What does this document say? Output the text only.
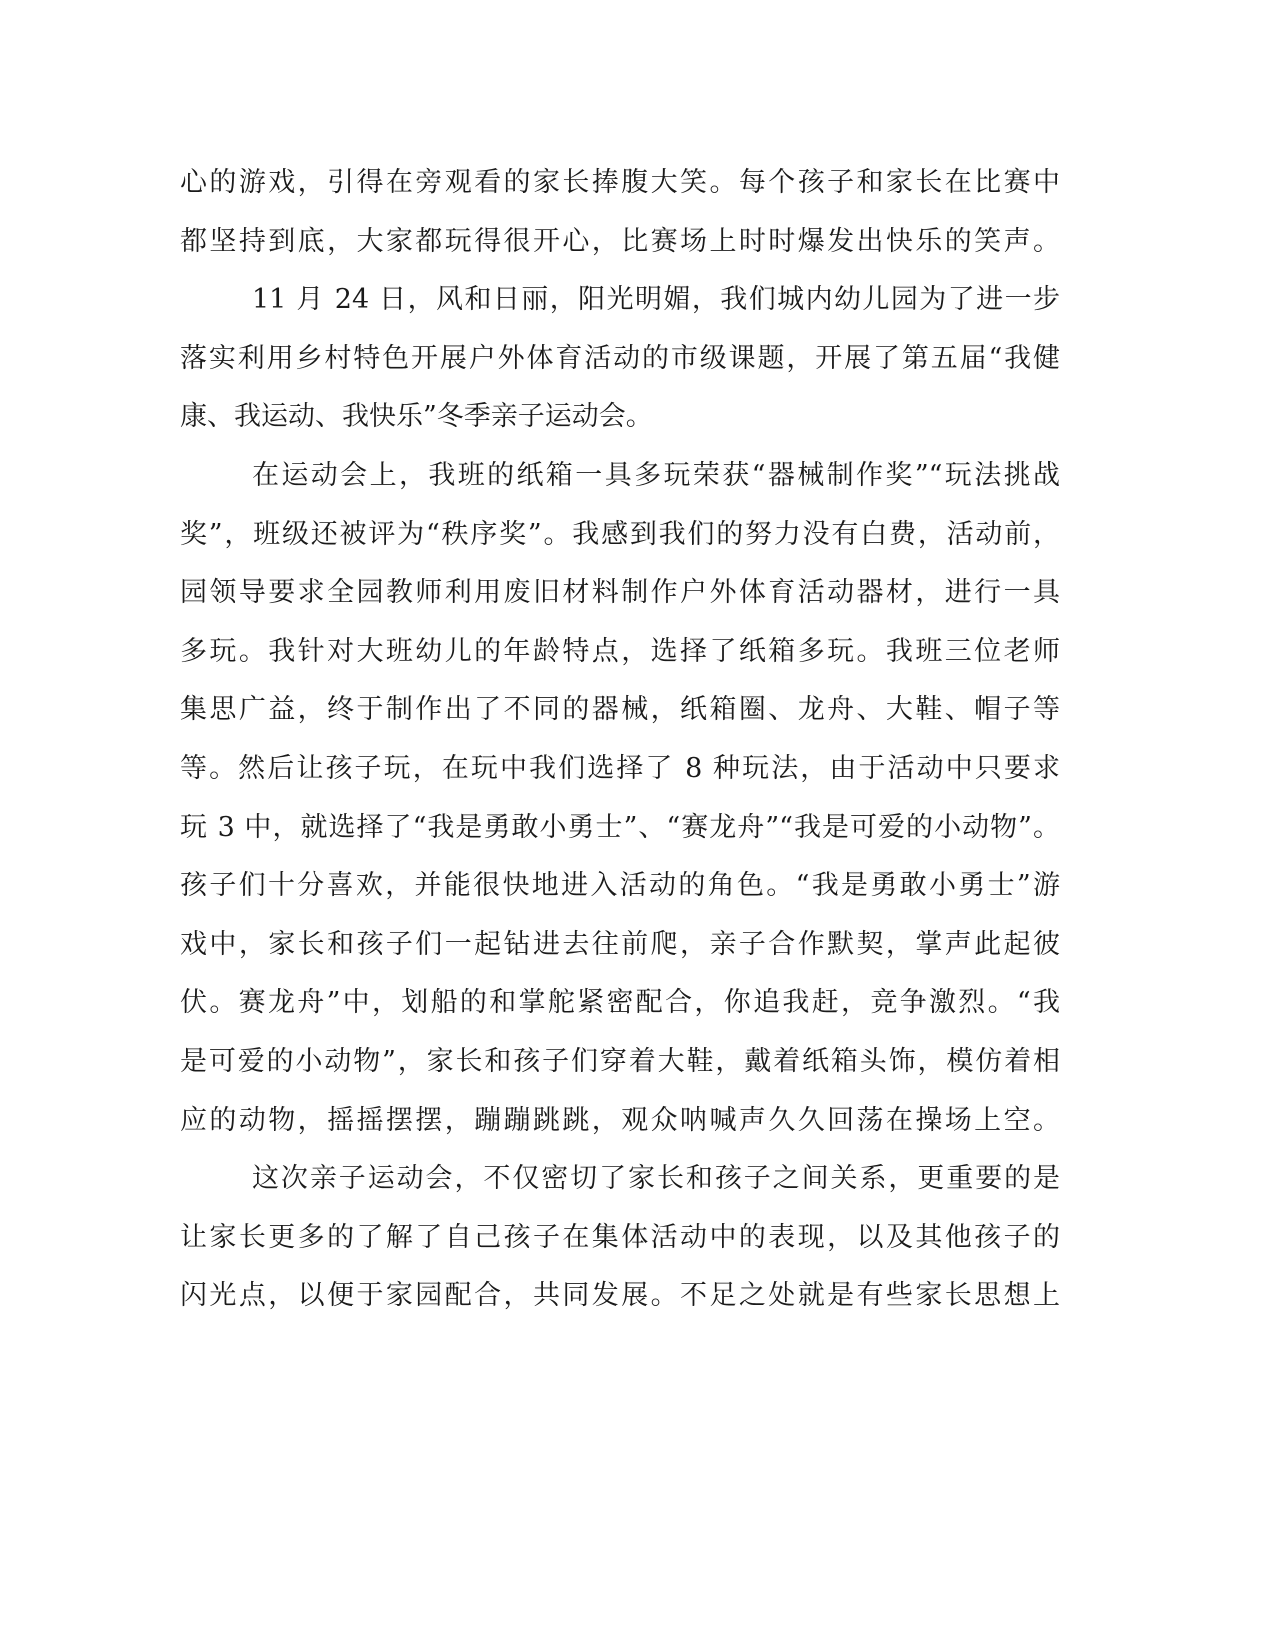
心的游戏，引得在旁观看的家长捧腹大笑。每个孩子和家长在比赛中
都坚持到底，大家都玩得很开心，比赛场上时时爆发出快乐的笑声。
11 月 24 日，风和日丽，阳光明媚，我们城内幼儿园为了进一步
落实利用乡村特色开展户外体育活动的市级课题，开展了第五届“我健
康、我运动、我快乐”冬季亲子运动会。
在运动会上，我班的纸箱一具多玩荣获“器械制作奖”“玩法挑战
奖”，班级还被评为“秩序奖”。我感到我们的努力没有白费，活动前，
园领导要求全园教师利用废旧材料制作户外体育活动器材，进行一具
多玩。我针对大班幼儿的年龄特点，选择了纸箱多玩。我班三位老师
集思广益，终于制作出了不同的器械，纸箱圈、龙舟、大鞋、帽子等
等。然后让孩子玩，在玩中我们选择了 8 种玩法，由于活动中只要求
玩 3 中，就选择了“我是勇敢小勇士”、“赛龙舟”“我是可爱的小动物”。
孩子们十分喜欢，并能很快地进入活动的角色。“我是勇敢小勇士”游
戏中，家长和孩子们一起钻进去往前爬，亲子合作默契，掌声此起彼
伏。赛龙舟”中，划船的和掌舵紧密配合，你追我赶，竞争激烈。“我
是可爱的小动物”，家长和孩子们穿着大鞋，戴着纸箱头饰，模仿着相
应的动物，摇摇摆摆，蹦蹦跳跳，观众呐喊声久久回荡在操场上空。
这次亲子运动会，不仅密切了家长和孩子之间关系，更重要的是
让家长更多的了解了自己孩子在集体活动中的表现，以及其他孩子的
闪光点，以便于家园配合，共同发展。不足之处就是有些家长思想上
